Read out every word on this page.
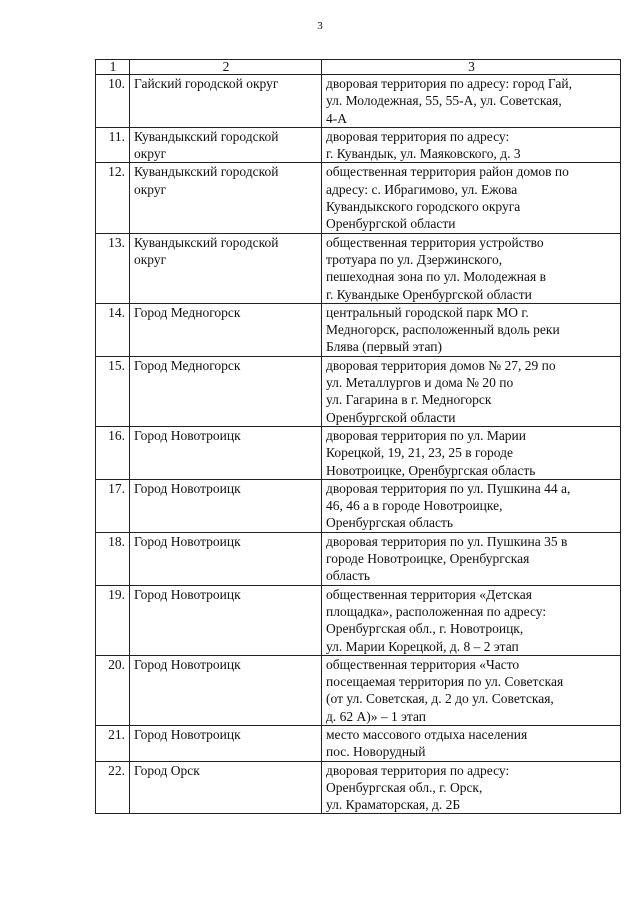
3
1	2	3
10.	Гайский городской округ	дворовая территория по адресу: город Гай,
ул. Молодежная, 55, 55-А, ул. Советская,
4-А
11.	Кувандыкский городской
округ	дворовая территория по адресу:
г. Кувандык, ул. Маяковского, д. 3
12.	Кувандыкский городской
округ	общественная территория район домов по
адресу: с. Ибрагимово, ул. Ежова
Кувандыкского городского округа
Оренбургской области
13.	Кувандыкский городской
округ	общественная территория устройство
тротуара по ул. Дзержинского,
пешеходная зона по ул. Молодежная в
г. Кувандыке Оренбургской области
14.	Город Медногорск	центральный городской парк МО г.
Медногорск, расположенный вдоль реки
Блява (первый этап)
15.	Город Медногорск	дворовая территория домов № 27, 29 по
ул. Металлургов и дома № 20 по
ул. Гагарина в г. Медногорск
Оренбургской области
16.	Город Новотроицк	дворовая территория по ул. Марии
Корецкой, 19, 21, 23, 25 в городе
Новотроицке, Оренбургская область
17.	Город Новотроицк	дворовая территория по ул. Пушкина 44 а,
46, 46 а в городе Новотроицке,
Оренбургская область
18.	Город Новотроицк	дворовая территория по ул. Пушкина 35 в
городе Новотроицке, Оренбургская
область
19.	Город Новотроицк	общественная территория «Детская
площадка», расположенная по адресу:
Оренбургская обл., г. Новотроицк,
ул. Марии Корецкой, д. 8 – 2 этап
20.	Город Новотроицк	общественная территория «Часто
посещаемая территория по ул. Советская
(от ул. Советская, д. 2 до ул. Советская,
д. 62 А)» – 1 этап
21.	Город Новотроицк	место массового отдыха населения
пос. Новорудный
22.	Город Орск	дворовая территория по адресу:
Оренбургская обл., г. Орск,
ул. Краматорская, д. 2Б
